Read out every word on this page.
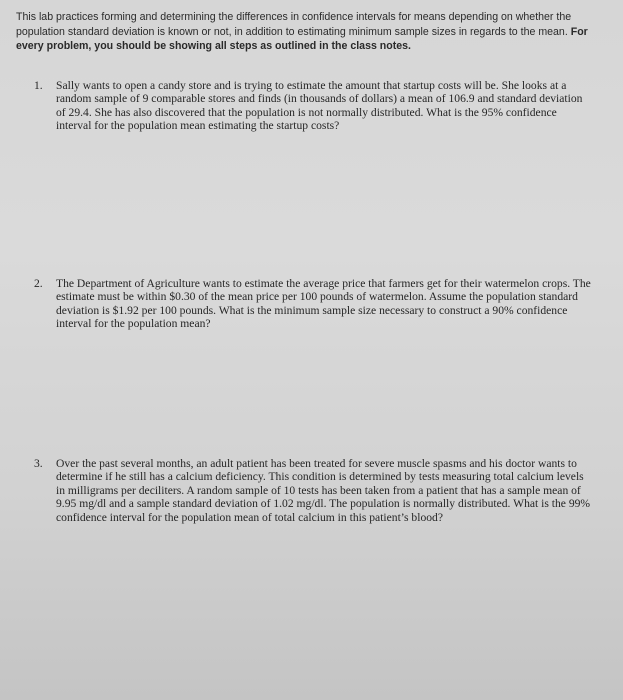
This lab practices forming and determining the differences in confidence intervals for means depending on whether the population standard deviation is known or not, in addition to estimating minimum sample sizes in regards to the mean. For every problem, you should be showing all steps as outlined in the class notes.

1.	Sally wants to open a candy store and is trying to estimate the amount that startup costs will be. She looks at a random sample of 9 comparable stores and finds (in thousands of dollars) a mean of 106.9 and standard deviation of 29.4. She has also discovered that the population is not normally distributed. What is the 95% confidence interval for the population mean estimating the startup costs?

2.	The Department of Agriculture wants to estimate the average price that farmers get for their watermelon crops. The estimate must be within $0.30 of the mean price per 100 pounds of watermelon. Assume the population standard deviation is $1.92 per 100 pounds. What is the minimum sample size necessary to construct a 90% confidence interval for the population mean?

3.	Over the past several months, an adult patient has been treated for severe muscle spasms and his doctor wants to determine if he still has a calcium deficiency. This condition is determined by tests measuring total calcium levels in milligrams per deciliters. A random sample of 10 tests has been taken from a patient that has a sample mean of 9.95 mg/dl and a sample standard deviation of 1.02 mg/dl. The population is normally distributed. What is the 99% confidence interval for the population mean of total calcium in this patient’s blood?
